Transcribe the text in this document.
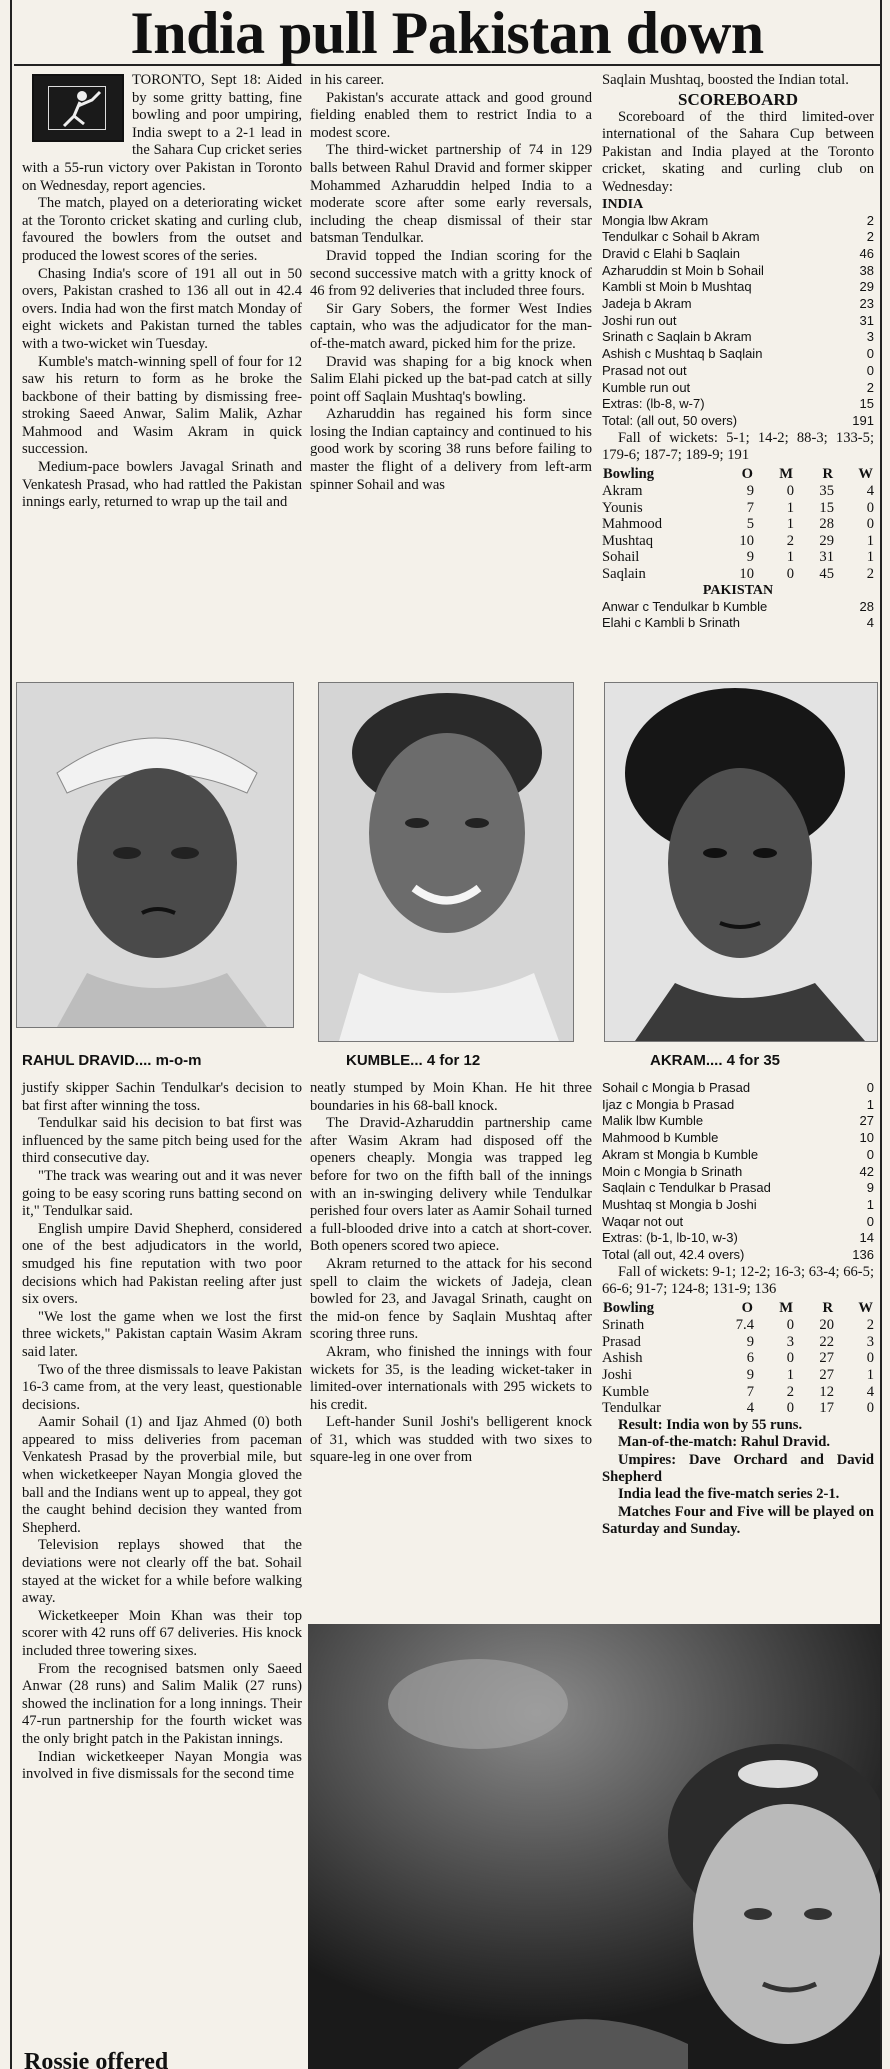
India pull Pakistan down

TORONTO, Sept 18: Aided by some gritty batting, fine bowling and poor umpiring, India swept to a 2-1 lead in the Sahara Cup cricket series with a 55-run victory over Pakistan in Toronto on Wednesday, report agencies.

The match, played on a deteriorating wicket at the Toronto cricket skating and curling club, favoured the bowlers from the outset and produced the lowest scores of the series.

Chasing India's score of 191 all out in 50 overs, Pakistan crashed to 136 all out in 42.4 overs. India had won the first match Monday of eight wickets and Pakistan turned the tables with a two-wicket win Tuesday.

Kumble's match-winning spell of four for 12 saw his return to form as he broke the backbone of their batting by dismissing free-stroking Saeed Anwar, Salim Malik, Azhar Mahmood and Wasim Akram in quick succession.

Medium-pace bowlers Javagal Srinath and Venkatesh Prasad, who had rattled the Pakistan innings early, returned to wrap up the tail and

in his career.

Pakistan's accurate attack and good ground fielding enabled them to restrict India to a modest score.

The third-wicket partnership of 74 in 129 balls between Rahul Dravid and former skipper Mohammed Azharuddin helped India to a moderate score after some early reversals, including the cheap dismissal of their star batsman Tendulkar.

Dravid topped the Indian scoring for the second successive match with a gritty knock of 46 from 92 deliveries that included three fours.

Sir Gary Sobers, the former West Indies captain, who was the adjudicator for the man-of-the-match award, picked him for the prize.

Dravid was shaping for a big knock when Salim Elahi picked up the bat-pad catch at silly point off Saqlain Mushtaq's bowling.

Azharuddin has regained his form since losing the Indian captaincy and continued to his good work by scoring 38 runs before failing to master the flight of a delivery from left-arm spinner Sohail and was

Saqlain Mushtaq, boosted the Indian total.

SCOREBOARD

Scoreboard of the third limited-over international of the Sahara Cup between Pakistan and India played at the Toronto cricket, skating and curling club on Wednesday:

INDIA
Mongia lbw Akram	2
Tendulkar c Sohail b Akram	2
Dravid c Elahi b Saqlain	46
Azharuddin st Moin b Sohail	38
Kambli st Moin b Mushtaq	29
Jadeja b Akram	23
Joshi run out	31
Srinath c Saqlain b Akram	3
Ashish c Mushtaq b Saqlain	0
Prasad not out	0
Kumble run out	2
Extras: (lb-8, w-7)	15
Total: (all out, 50 overs)	191
Fall of wickets: 5-1; 14-2; 88-3; 133-5; 179-6; 187-7; 189-9; 191
Bowling	O	M	R	W
Akram	9	0	35	4
Younis	7	1	15	0
Mahmood	5	1	28	0
Mushtaq	10	2	29	1
Sohail	9	1	31	1
Saqlain	10	0	45	2
PAKISTAN
Anwar c Tendulkar b Kumble	28
Elahi c Kambli b Srinath	4
RAHUL DRAVID.... m-o-m	KUMBLE... 4 for 12	AKRAM.... 4 for 35

justify skipper Sachin Tendulkar's decision to bat first after winning the toss.

Tendulkar said his decision to bat first was influenced by the same pitch being used for the third consecutive day.

"The track was wearing out and it was never going to be easy scoring runs batting second on it," Tendulkar said.

English umpire David Shepherd, considered one of the best adjudicators in the world, smudged his fine reputation with two poor decisions which had Pakistan reeling after just six overs.

"We lost the game when we lost the first three wickets," Pakistan captain Wasim Akram said later.

Two of the three dismissals to leave Pakistan 16-3 came from, at the very least, questionable decisions.

Aamir Sohail (1) and Ijaz Ahmed (0) both appeared to miss deliveries from paceman Venkatesh Prasad by the proverbial mile, but when wicketkeeper Nayan Mongia gloved the ball and the Indians went up to appeal, they got the caught behind decision they wanted from Shepherd.

Television replays showed that the deviations were not clearly off the bat. Sohail stayed at the wicket for a while before walking away.

Wicketkeeper Moin Khan was their top scorer with 42 runs off 67 deliveries. His knock included three towering sixes.

From the recognised batsmen only Saeed Anwar (28 runs) and Salim Malik (27 runs) showed the inclination for a long innings. Their 47-run partnership for the fourth wicket was the only bright patch in the Pakistan innings.

Indian wicketkeeper Nayan Mongia was involved in five dismissals for the second time

Rossie offered

neatly stumped by Moin Khan. He hit three boundaries in his 68-ball knock.

The Dravid-Azharuddin partnership came after Wasim Akram had disposed off the openers cheaply. Mongia was trapped leg before for two on the fifth ball of the innings with an in-swinging delivery while Tendulkar perished four overs later as Aamir Sohail turned a full-blooded drive into a catch at short-cover. Both openers scored two apiece.

Akram returned to the attack for his second spell to claim the wickets of Jadeja, clean bowled for 23, and Javagal Srinath, caught on the mid-on fence by Saqlain Mushtaq after scoring three runs.

Akram, who finished the innings with four wickets for 35, is the leading wicket-taker in limited-over internationals with 295 wickets to his credit.

Left-hander Sunil Joshi's belligerent knock of 31, which was studded with two sixes to square-leg in one over from

Sohail c Mongia b Prasad	0
Ijaz c Mongia b Prasad	1
Malik lbw Kumble	27
Mahmood b Kumble	10
Akram st Mongia b Kumble	0
Moin c Mongia b Srinath	42
Saqlain c Tendulkar b Prasad	9
Mushtaq st Mongia b Joshi	1
Waqar not out	0
Extras: (b-1, lb-10, w-3)	14
Total (all out, 42.4 overs)	136
Fall of wickets: 9-1; 12-2; 16-3; 63-4; 66-5; 66-6; 91-7; 124-8; 131-9; 136
Bowling	O	M	R	W
Srinath	7.4	0	20	2
Prasad	9	3	22	3
Ashish	6	0	27	0
Joshi	9	1	27	1
Kumble	7	2	12	4
Tendulkar	4	0	17	0
Result: India won by 55 runs.
Man-of-the-match: Rahul Dravid.
Umpires: Dave Orchard and David Shepherd
India lead the five-match series 2-1.
Matches Four and Five will be played on Saturday and Sunday.
